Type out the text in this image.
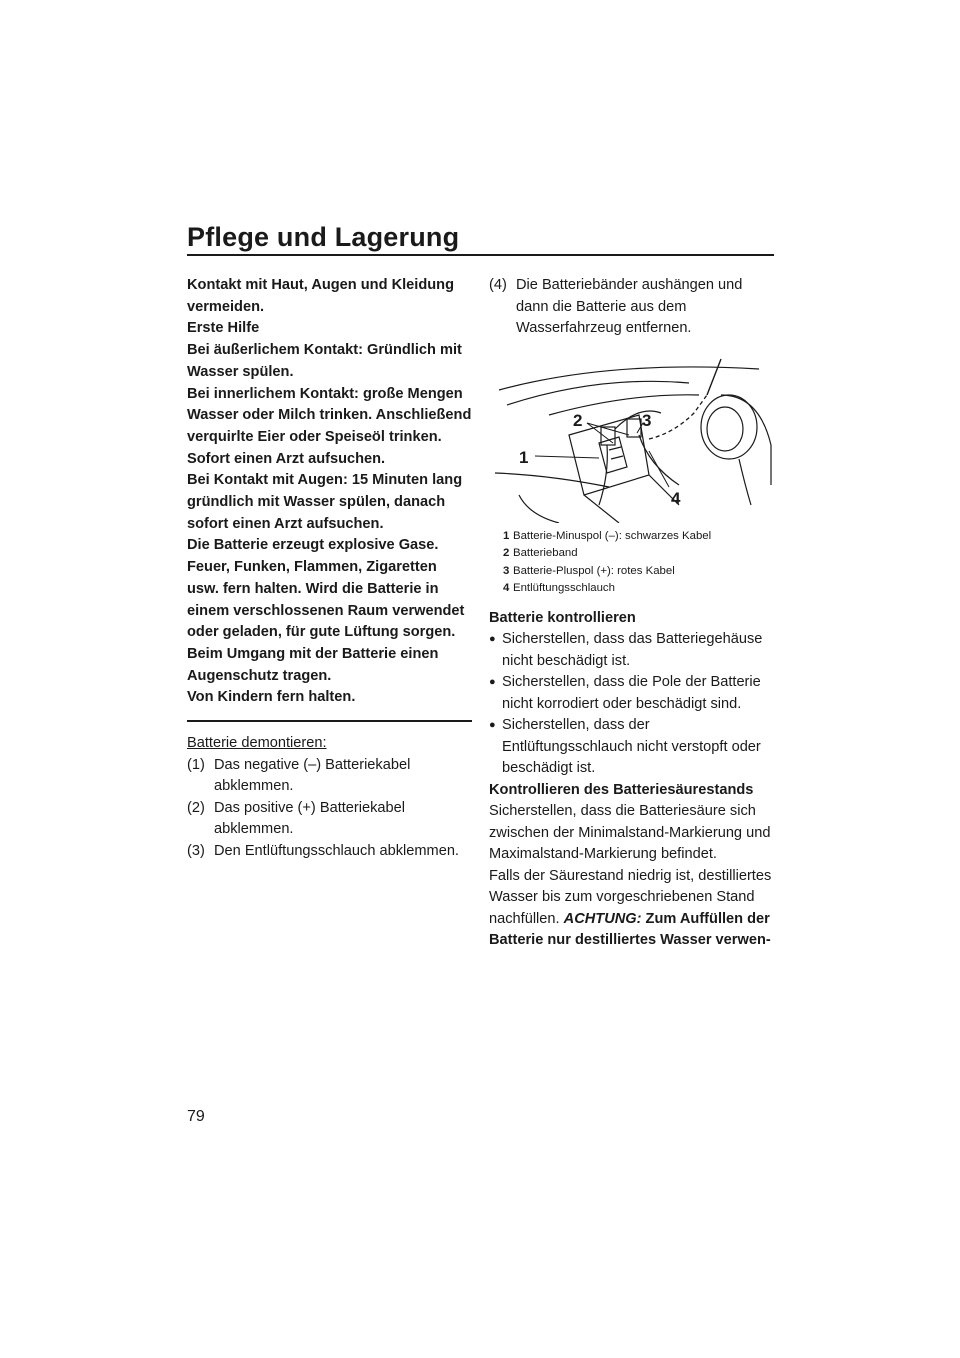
Pflege und Lagerung

Kontakt mit Haut, Augen und Kleidung vermeiden.

Erste Hilfe

Bei äußerlichem Kontakt: Gründlich mit Wasser spülen.

Bei innerlichem Kontakt: große Mengen Wasser oder Milch trinken. Anschließend verquirlte Eier oder Speiseöl trinken. Sofort einen Arzt aufsuchen.

Bei Kontakt mit Augen: 15 Minuten lang gründlich mit Wasser spülen, danach sofort einen Arzt aufsuchen.

Die Batterie erzeugt explosive Gase. Feuer, Funken, Flammen, Zigaretten usw. fern halten. Wird die Batterie in einem verschlossenen Raum verwendet oder geladen, für gute Lüftung sorgen. Beim Umgang mit der Batterie einen Augenschutz tragen.

Von Kindern fern halten.

Batterie demontieren:

(1) Das negative (–) Batteriekabel abklemmen.
(2) Das positive (+) Batteriekabel abklemmen.
(3) Den Entlüftungsschlauch abklemmen.
(4) Die Batteriebänder aushängen und dann die Batterie aus dem Wasserfahrzeug entfernen.
1
2	3
4
1 Batterie-Minuspol (–): schwarzes Kabel
2 Batterieband
3 Batterie-Pluspol (+): rotes Kabel
4 Entlüftungsschlauch

Batterie kontrollieren

● Sicherstellen, dass das Batteriegehäuse nicht beschädigt ist.
● Sicherstellen, dass die Pole der Batterie nicht korrodiert oder beschädigt sind.
● Sicherstellen, dass der Entlüftungsschlauch nicht verstopft oder beschädigt ist.

Kontrollieren des Batteriesäurestands

Sicherstellen, dass die Batteriesäure sich zwischen der Minimalstand-Markierung und Maximalstand-Markierung befindet.

Falls der Säurestand niedrig ist, destilliertes Wasser bis zum vorgeschriebenen Stand nachfüllen. ACHTUNG: Zum Auffüllen der Batterie nur destilliertes Wasser verwen-

79
